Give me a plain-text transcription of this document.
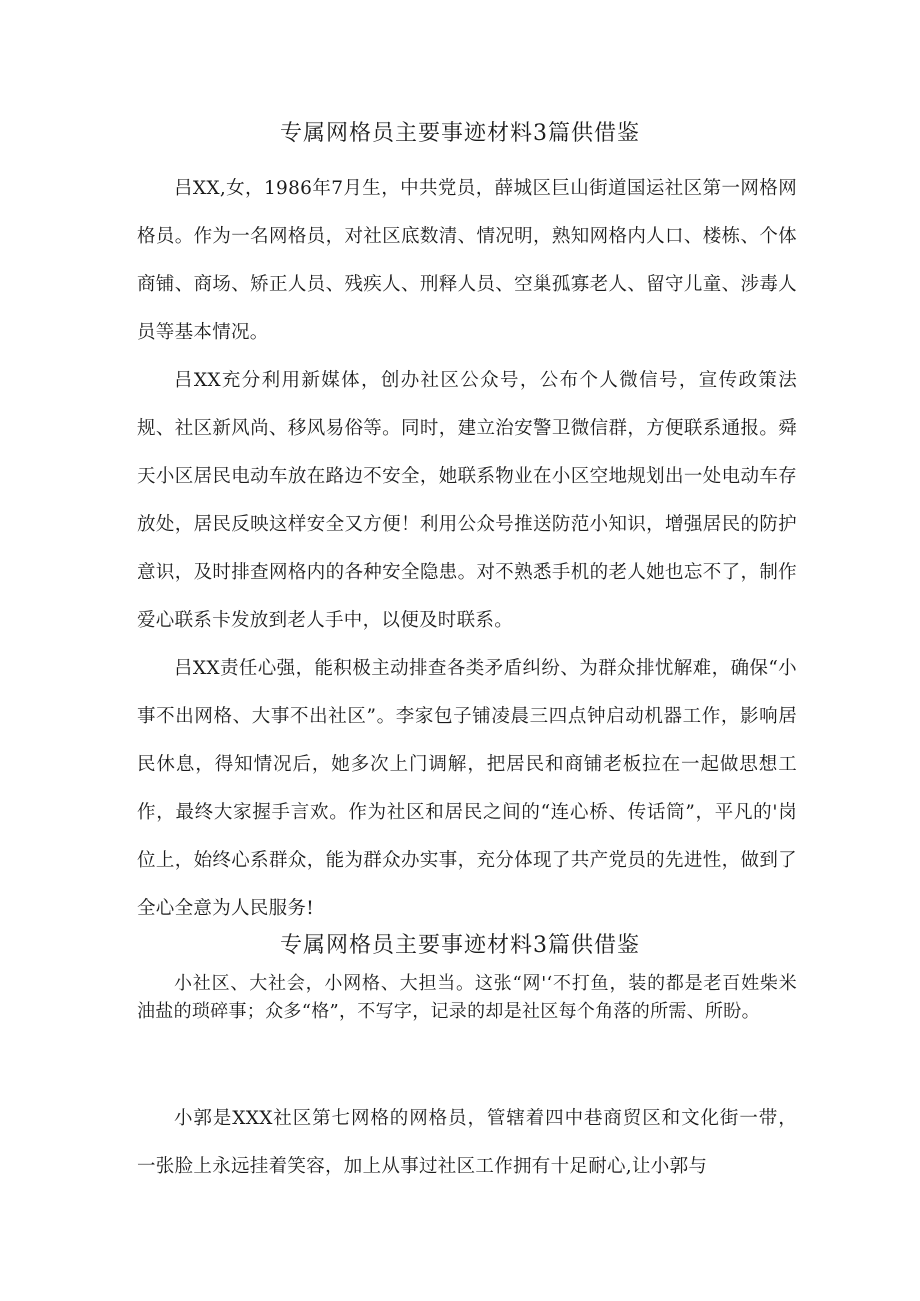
专属网格员主要事迹材料3篇供借鉴

吕XX,女，1986年7月生，中共党员，薛城区巨山街道国运社区第一网格网格员。作为一名网格员，对社区底数清、情况明，熟知网格内人口、楼栋、个体商铺、商场、矫正人员、残疾人、刑释人员、空巢孤寡老人、留守儿童、涉毒人员等基本情况。

吕XX充分利用新媒体，创办社区公众号，公布个人微信号，宣传政策法规、社区新风尚、移风易俗等。同时，建立治安警卫微信群，方便联系通报。舜天小区居民电动车放在路边不安全，她联系物业在小区空地规划出一处电动车存放处，居民反映这样安全又方便！利用公众号推送防范小知识，增强居民的防护意识，及时排查网格内的各种安全隐患。对不熟悉手机的老人她也忘不了，制作爱心联系卡发放到老人手中，以便及时联系。

吕XX责任心强，能积极主动排查各类矛盾纠纷、为群众排忧解难，确保“小事不出网格、大事不出社区”。李家包子铺凌晨三四点钟启动机器工作，影响居民休息，得知情况后，她多次上门调解，把居民和商铺老板拉在一起做思想工作，最终大家握手言欢。作为社区和居民之间的“连心桥、传话筒”，平凡的'岗位上，始终心系群众，能为群众办实事，充分体现了共产党员的先进性，做到了全心全意为人民服务!

专属网格员主要事迹材料3篇供借鉴

小社区、大社会，小网格、大担当。这张“网'‘不打鱼，装的都是老百姓柴米油盐的琐碎事；众多“格”，不写字，记录的却是社区每个角落的所需、所盼。

小郭是XXX社区第七网格的网格员，管辖着四中巷商贸区和文化街一带，一张脸上永远挂着笑容，加上从事过社区工作拥有十足耐心,让小郭与
